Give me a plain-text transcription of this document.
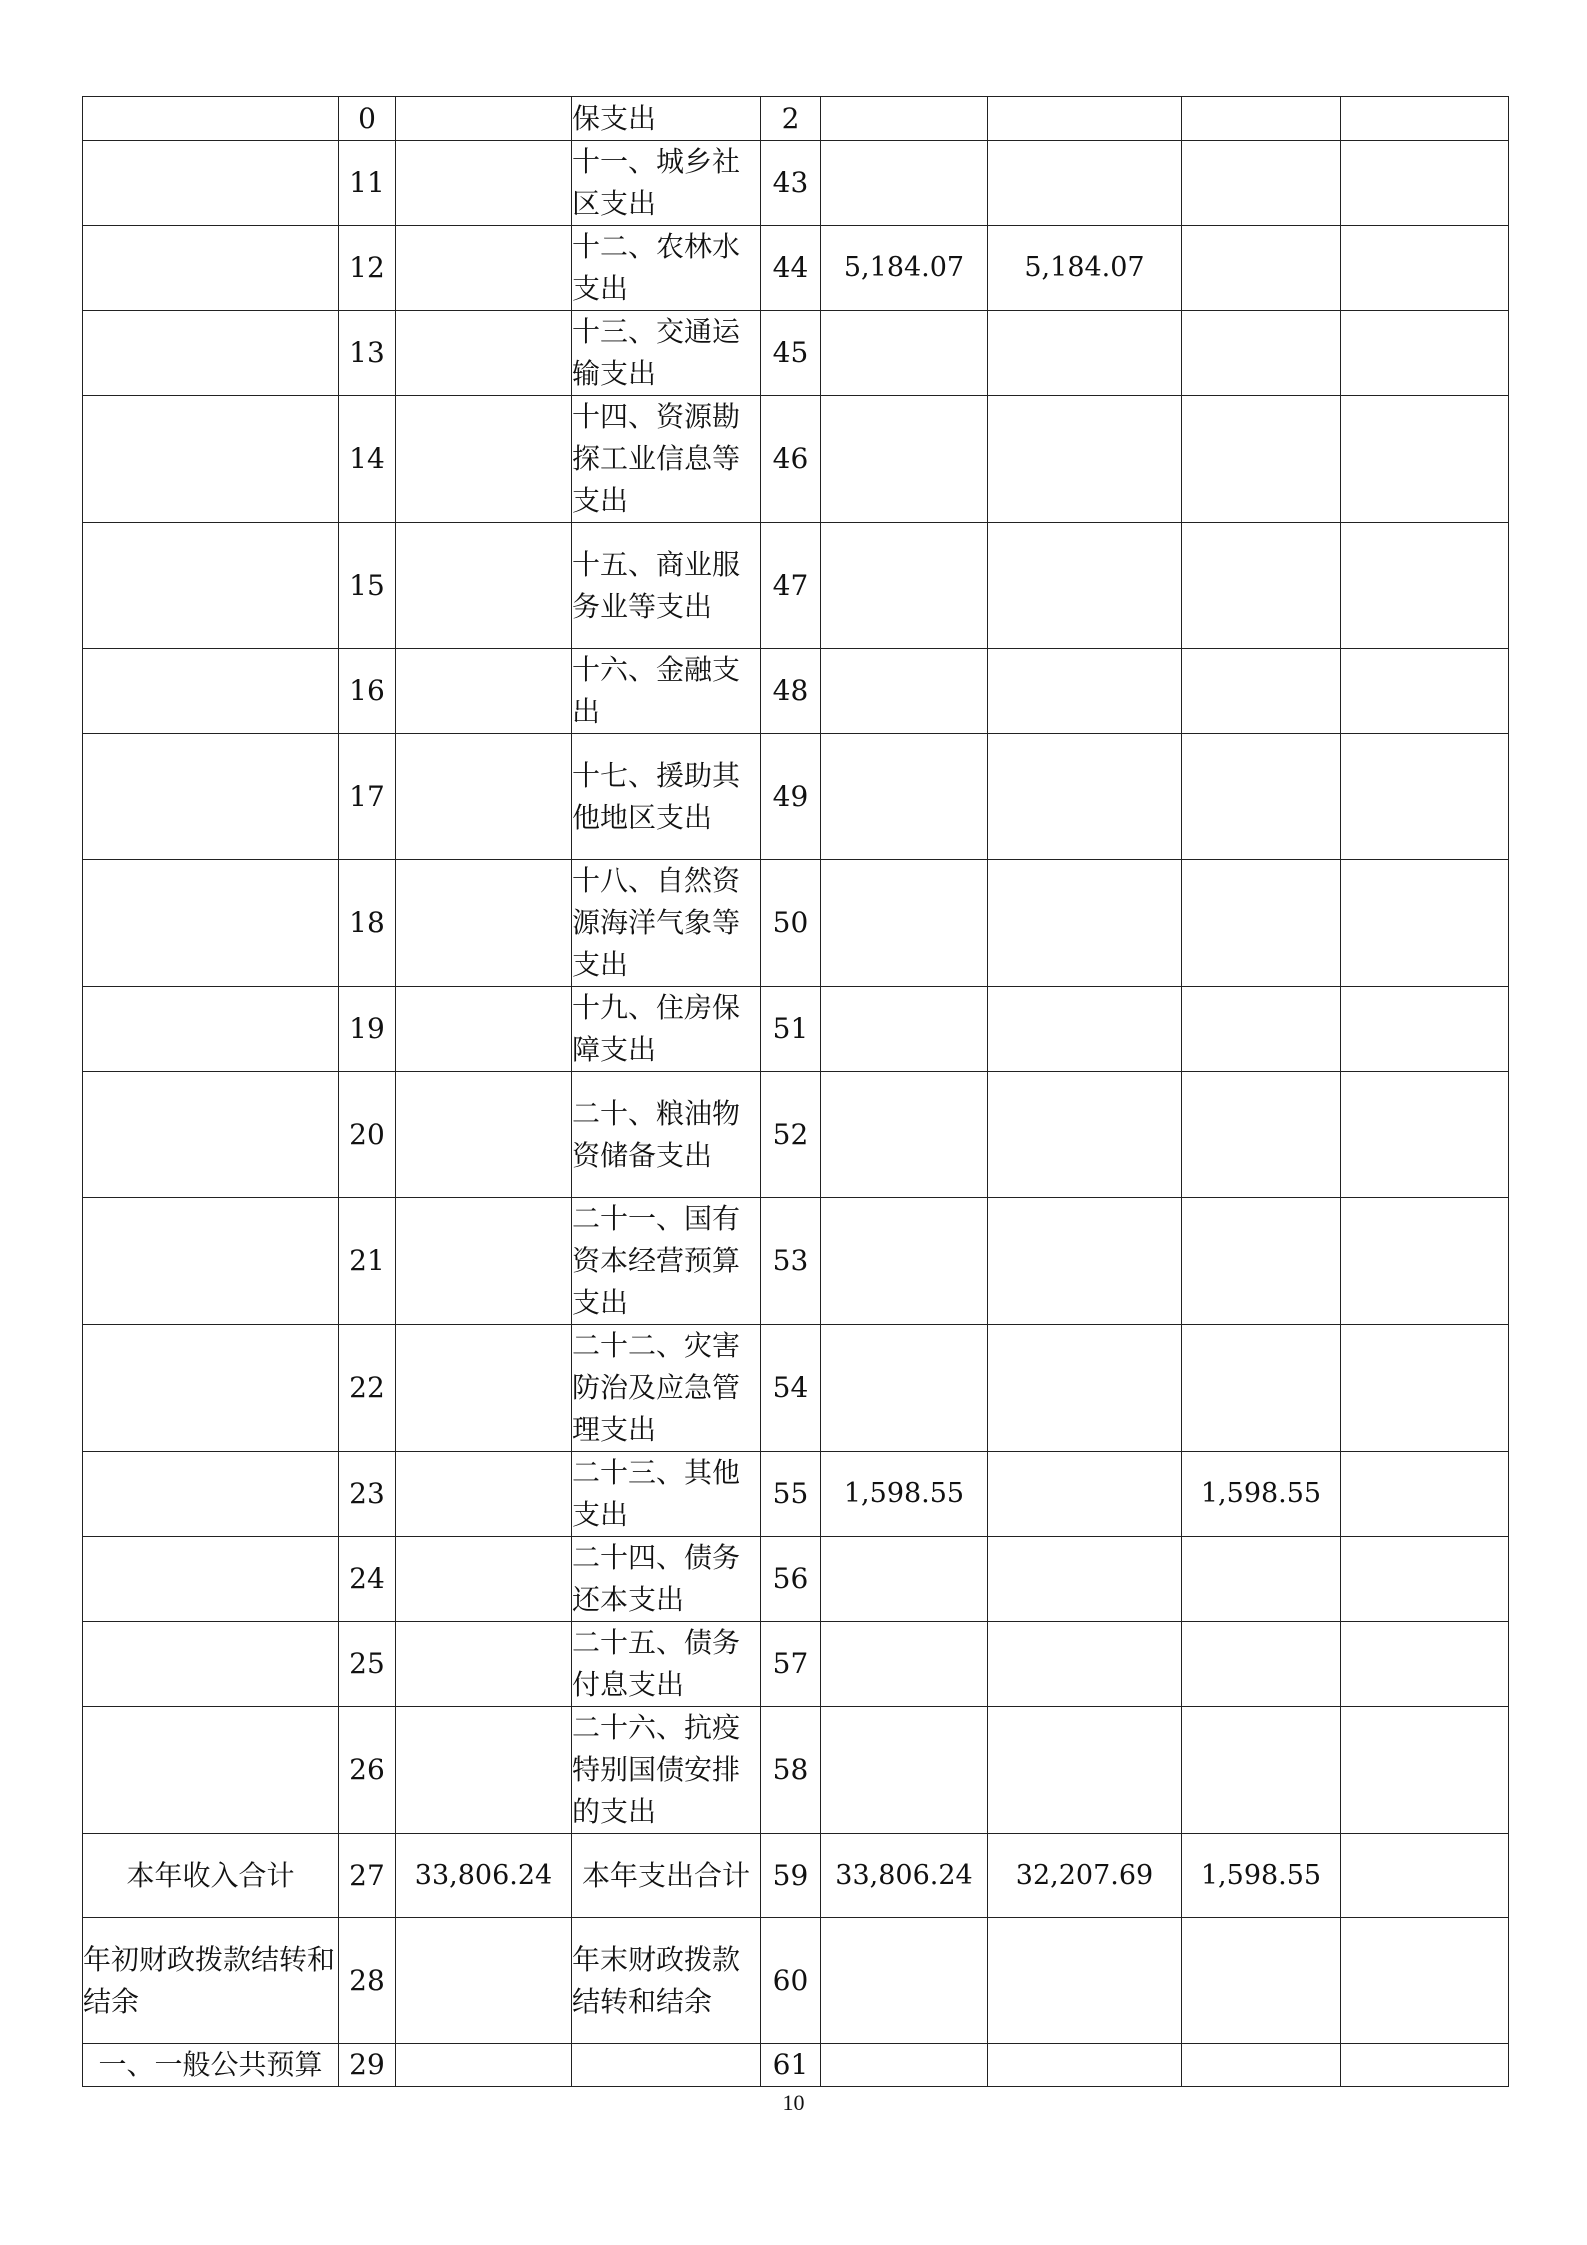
	0		保支出	2				
	11		十一、城乡社区支出	43				
	12		十二、农林水支出	44	5,184.07	5,184.07		
	13		十三、交通运输支出	45				
	14		十四、资源勘探工业信息等支出	46				
	15		十五、商业服务业等支出	47				
	16		十六、金融支出	48				
	17		十七、援助其他地区支出	49				
	18		十八、自然资源海洋气象等支出	50				
	19		十九、住房保障支出	51				
	20		二十、粮油物资储备支出	52				
	21		二十一、国有资本经营预算支出	53				
	22		二十二、灾害防治及应急管理支出	54				
	23		二十三、其他支出	55	1,598.55		1,598.55	
	24		二十四、债务还本支出	56				
	25		二十五、债务付息支出	57				
	26		二十六、抗疫特别国债安排的支出	58				
本年收入合计	27	33,806.24	本年支出合计	59	33,806.24	32,207.69	1,598.55	
年初财政拨款结转和结余	28		年末财政拨款结转和结余	60				
一、一般公共预算	29			61				
10
